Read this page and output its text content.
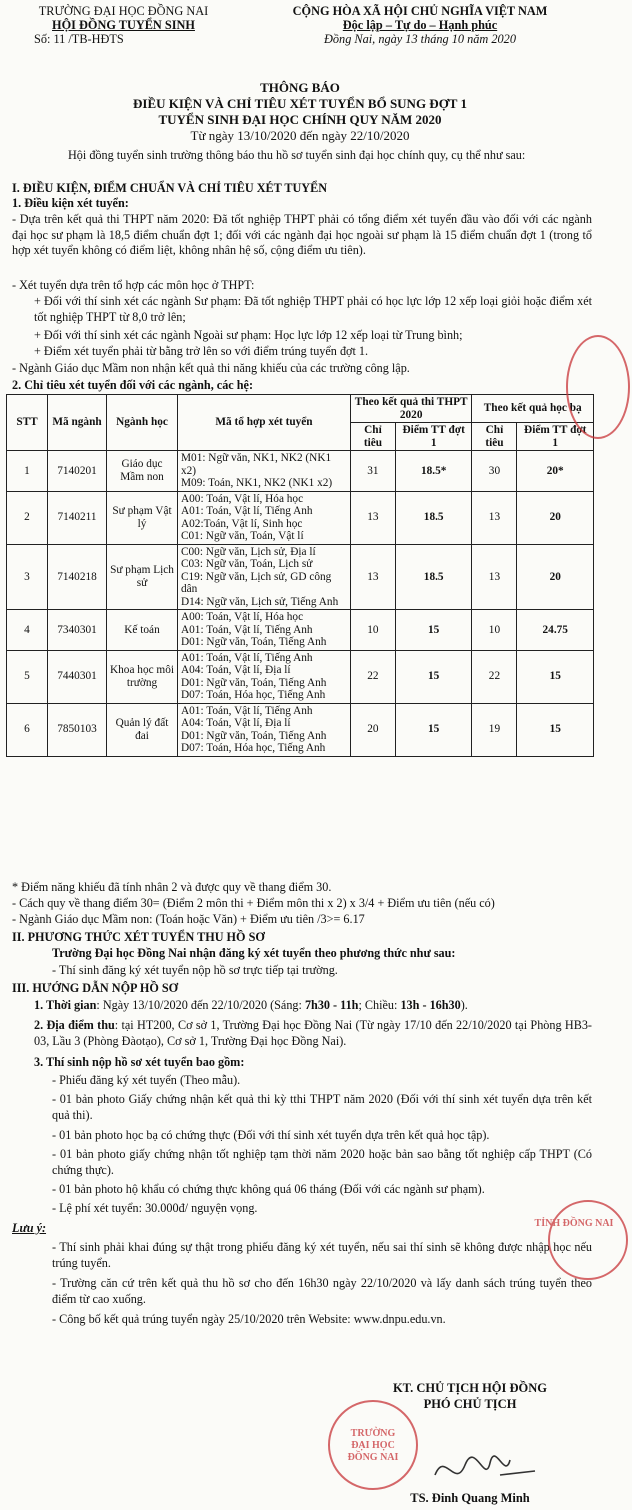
TRƯỜNG ĐẠI HỌC ĐỒNG NAI
HỘI ĐỒNG TUYỂN SINH
Số: 11 /TB-HĐTS
CỘNG HÒA XÃ HỘI CHỦ NGHĨA VIỆT NAM
Độc lập – Tự do – Hạnh phúc
Đồng Nai, ngày 13 tháng 10 năm 2020
THÔNG BÁO
ĐIỀU KIỆN VÀ CHỈ TIÊU XÉT TUYỂN BỔ SUNG ĐỢT 1
TUYỂN SINH ĐẠI HỌC CHÍNH QUY NĂM 2020
Từ ngày 13/10/2020 đến ngày 22/10/2020
Hội đồng tuyển sinh trường thông báo thu hồ sơ tuyển sinh đại học chính quy, cụ thể như sau:
I. ĐIỀU KIỆN, ĐIỂM CHUẨN VÀ CHỈ TIÊU XÉT TUYỂN
1. Điều kiện xét tuyển:
- Dựa trên kết quả thi THPT năm 2020: Đã tốt nghiệp THPT phải có tổng điểm xét tuyển đầu vào đối với các ngành đại học sư phạm là 18,5 điểm chuẩn đợt 1; đối với các ngành đại học ngoài sư phạm là 15 điểm chuẩn đợt 1 (trong tổ hợp xét tuyển không có điểm liệt, không nhân hệ số, cộng điểm ưu tiên).
- Xét tuyển dựa trên tổ hợp các môn học ở THPT:
+ Đối với thí sinh xét các ngành Sư phạm: Đã tốt nghiệp THPT phải có học lực lớp 12 xếp loại giỏi hoặc điểm xét tốt nghiệp THPT từ 8,0 trở lên;
+ Đối với thí sinh xét các ngành Ngoài sư phạm: Học lực lớp 12 xếp loại từ Trung bình;
+ Điểm xét tuyển phải từ bằng trở lên so với điểm trúng tuyển đợt 1.
- Ngành Giáo dục Mầm non nhận kết quả thi năng khiếu của các trường công lập.
2. Chỉ tiêu xét tuyển đối với các ngành, các hệ:
STT	Mã ngành	Ngành học	Mã tổ hợp xét tuyển	Theo kết quả thi THPT 2020		Theo kết quả học bạ	
				Chỉ tiêu	Điểm TT đợt 1	Chỉ tiêu	Điểm TT đợt 1
1	7140201	Giáo dục Mầm non	M01: Ngữ văn, NK1, NK2 (NK1 x2)
M09: Toán, NK1, NK2 (NK1 x2)	31	18.5*	30	20*
2	7140211	Sư phạm Vật lý	A00: Toán, Vật lí, Hóa học
A01: Toán, Vật lí, Tiếng Anh
A02:Toán, Vật lí, Sinh học
C01: Ngữ văn, Toán, Vật lí	13	18.5	13	20
3	7140218	Sư phạm Lịch sử	C00: Ngữ văn, Lịch sử, Địa lí
C03: Ngữ văn, Toán, Lịch sử
C19: Ngữ văn, Lịch sử, GD công dân
D14: Ngữ văn, Lịch sử, Tiếng Anh	13	18.5	13	20
4	7340301	Kế toán	A00: Toán, Vật lí, Hóa học
A01: Toán, Vật lí, Tiếng Anh
D01: Ngữ văn, Toán, Tiếng Anh	10	15	10	24.75
5	7440301	Khoa học môi trường	A01: Toán, Vật lí, Tiếng Anh
A04: Toán, Vật lí, Địa lí
D01: Ngữ văn, Toán, Tiếng Anh
D07: Toán, Hóa học, Tiếng Anh	22	15	22	15
6	7850103	Quản lý đất đai	A01: Toán, Vật lí, Tiếng Anh
A04: Toán, Vật lí, Địa lí
D01: Ngữ văn, Toán, Tiếng Anh
D07: Toán, Hóa học, Tiếng Anh	20	15	19	15
* Điểm năng khiếu đã tính nhân 2 và được quy về thang điểm 30.
- Cách quy về thang điểm 30= (Điểm 2 môn thi + Điểm môn thi x 2) x 3/4 + Điểm ưu tiên (nếu có)
- Ngành Giáo dục Mầm non: (Toán hoặc Văn) + Điểm ưu tiên /3>= 6.17
II. PHƯƠNG THỨC XÉT TUYỂN THU HỒ SƠ
Trường Đại học Đồng Nai nhận đăng ký xét tuyển theo phương thức như sau:
- Thí sinh đăng ký xét tuyển nộp hồ sơ trực tiếp tại trường.
III. HƯỚNG DẪN NỘP HỒ SƠ
1. Thời gian: Ngày 13/10/2020 đến 22/10/2020 (Sáng: 7h30 - 11h; Chiều: 13h - 16h30).
2. Địa điểm thu: tại HT200, Cơ sở 1, Trường Đại học Đồng Nai (Từ ngày 17/10 đến 22/10/2020 tại Phòng HB3-03, Lầu 3 (Phòng Đàotạo), Cơ sở 1, Trường Đại học Đồng Nai).
3. Thí sinh nộp hồ sơ xét tuyển bao gồm:
- Phiếu đăng ký xét tuyển (Theo mẫu).
- 01 bản photo Giấy chứng nhận kết quả thi kỳ tthi THPT năm 2020 (Đối với thí sinh xét tuyển dựa trên kết quả thi).
- 01 bản photo học bạ có chứng thực (Đối với thí sinh xét tuyển dựa trên kết quả học tập).
- 01 bản photo giấy chứng nhận tốt nghiệp tạm thời năm 2020 hoặc bản sao bằng tốt nghiệp cấp THPT (Có chứng thực).
- 01 bản photo hộ khẩu có chứng thực không quá 06 tháng (Đối với các ngành sư phạm).
- Lệ phí xét tuyển: 30.000đ/ nguyện vọng.
Lưu ý:
- Thí sinh phải khai đúng sự thật trong phiếu đăng ký xét tuyển, nếu sai thí sinh sẽ không được nhập học nếu trúng tuyển.
- Trường căn cứ trên kết quả thu hồ sơ cho đến 16h30 ngày 22/10/2020 và lấy danh sách trúng tuyển theo điểm từ cao xuống.
- Công bố kết quả trúng tuyển ngày 25/10/2020 trên Website: www.dnpu.edu.vn.
TỈNH ĐỒNG NAI
KT. CHỦ TỊCH HỘI ĐỒNG
PHÓ CHỦ TỊCH
TRƯỜNG ĐẠI HỌC ĐỒNG NAI
TS. Đinh Quang Minh
